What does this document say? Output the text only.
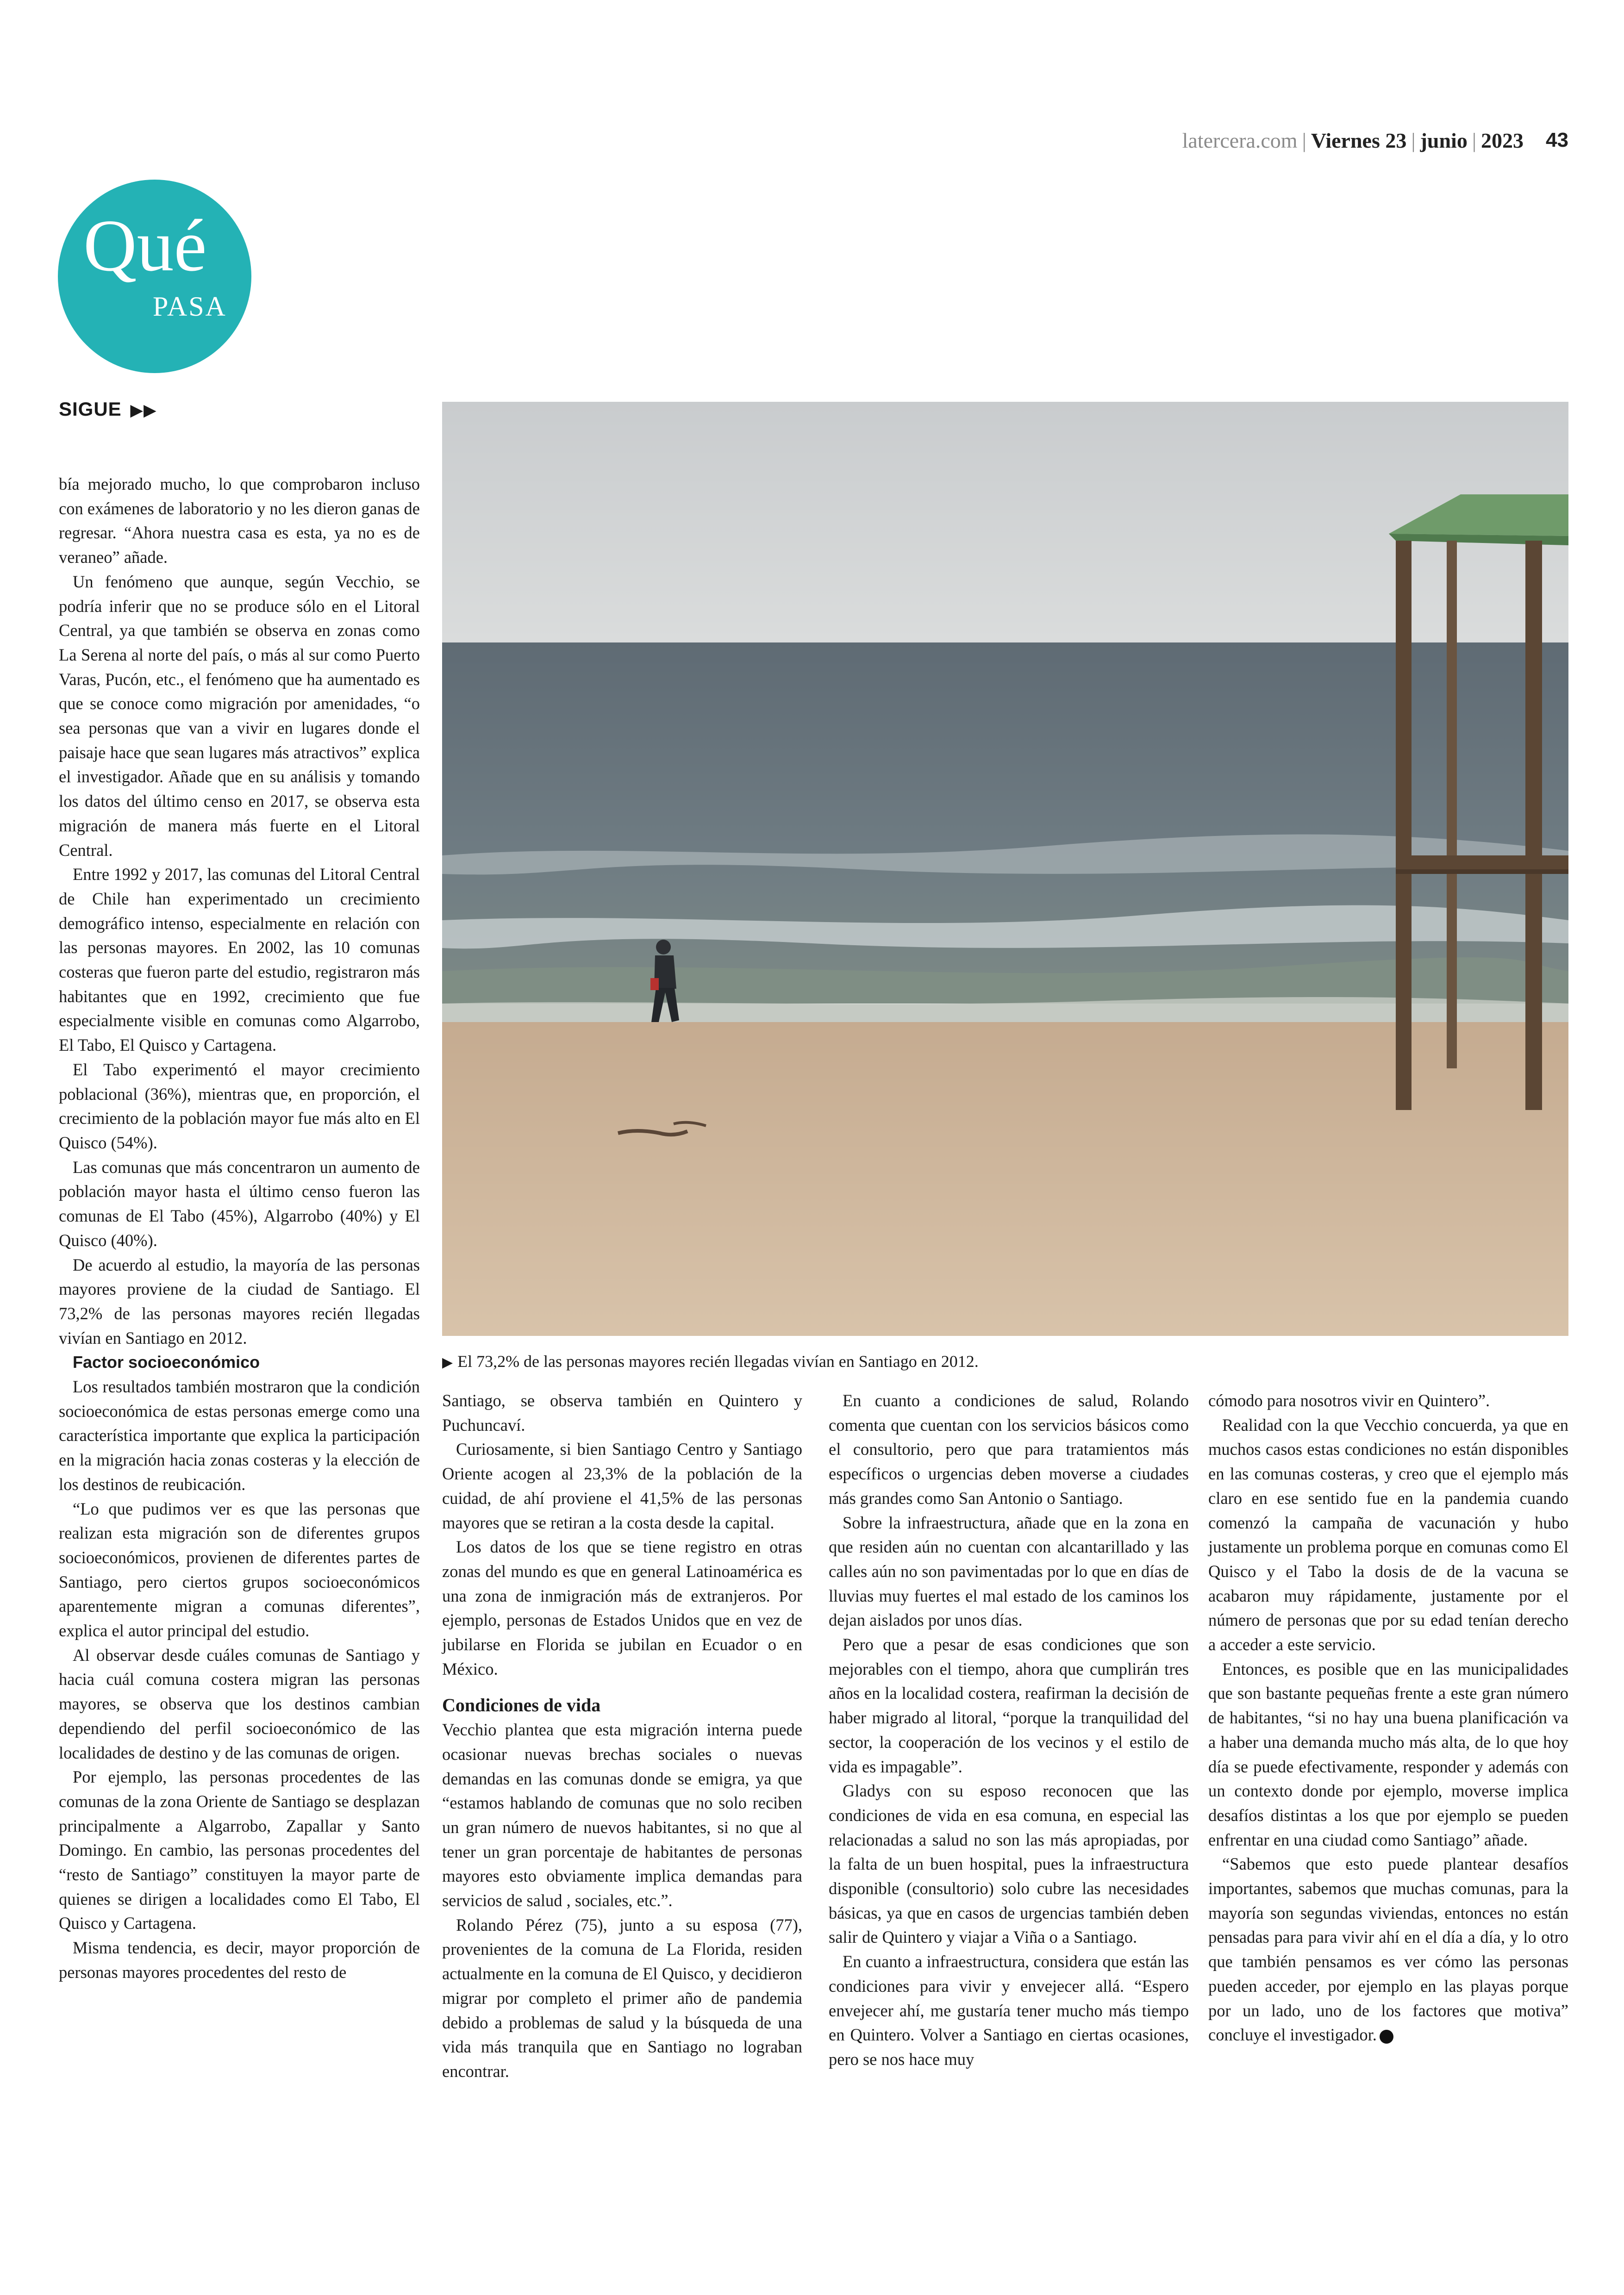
latercera.com | Viernes 23 | junio | 2023 43
Qué
PASA
SIGUE ▶▶
▶ El 73,2% de las personas mayores recién llegadas vivían en Santiago en 2012.

bía mejorado mucho, lo que comprobaron incluso con exámenes de laboratorio y no les dieron ganas de regresar. “Ahora nuestra casa es esta, ya no es de veraneo” añade.

Un fenómeno que aunque, según Vecchio, se podría inferir que no se produce sólo en el Litoral Central, ya que también se observa en zonas como La Serena al norte del país, o más al sur como Puerto Varas, Pucón, etc., el fenómeno que ha aumentado es que se conoce como migración por amenidades, “o sea personas que van a vivir en lugares donde el paisaje hace que sean lugares más atractivos” explica el investigador. Añade que en su análisis y tomando los datos del último censo en 2017, se observa esta migración de manera más fuerte en el Litoral Central.

Entre 1992 y 2017, las comunas del Litoral Central de Chile han experimentado un crecimiento demográfico intenso, especialmente en relación con las personas mayores. En 2002, las 10 comunas costeras que fueron parte del estudio, registraron más habitantes que en 1992, crecimiento que fue especialmente visible en comunas como Algarrobo, El Tabo, El Quisco y Cartagena.

El Tabo experimentó el mayor crecimiento poblacional (36%), mientras que, en proporción, el crecimiento de la población mayor fue más alto en El Quisco (54%).

Las comunas que más concentraron un aumento de población mayor hasta el último censo fueron las comunas de El Tabo (45%), Algarrobo (40%) y El Quisco (40%).

De acuerdo al estudio, la mayoría de las personas mayores proviene de la ciudad de Santiago. El 73,2% de las personas mayores recién llegadas vivían en Santiago en 2012.

Factor socioeconómico

Los resultados también mostraron que la condición socioeconómica de estas personas emerge como una característica importante que explica la participación en la migración hacia zonas costeras y la elección de los destinos de reubicación.

“Lo que pudimos ver es que las personas que realizan esta migración son de diferentes grupos socioeconómicos, provienen de diferentes partes de Santiago, pero ciertos grupos socioeconómicos aparentemente migran a comunas diferentes”, explica el autor principal del estudio.

Al observar desde cuáles comunas de Santiago y hacia cuál comuna costera migran las personas mayores, se observa que los destinos cambian dependiendo del perfil socioeconómico de las localidades de destino y de las comunas de origen.

Por ejemplo, las personas procedentes de las comunas de la zona Oriente de Santiago se desplazan principalmente a Algarrobo, Zapallar y Santo Domingo. En cambio, las personas procedentes del “resto de Santiago” constituyen la mayor parte de quienes se dirigen a localidades como El Tabo, El Quisco y Cartagena.

Misma tendencia, es decir, mayor proporción de personas mayores procedentes del resto de

Santiago, se observa también en Quintero y Puchuncaví.

Curiosamente, si bien Santiago Centro y Santiago Oriente acogen al 23,3% de la población de la cuidad, de ahí proviene el 41,5% de las personas mayores que se retiran a la costa desde la capital.

Los datos de los que se tiene registro en otras zonas del mundo es que en general Latinoamérica es una zona de inmigración más de extranjeros. Por ejemplo, personas de Estados Unidos que en vez de jubilarse en Florida se jubilan en Ecuador o en México.

Condiciones de vida

Vecchio plantea que esta migración interna puede ocasionar nuevas brechas sociales o nuevas demandas en las comunas donde se emigra, ya que “estamos hablando de comunas que no solo reciben un gran número de nuevos habitantes, si no que al tener un gran porcentaje de habitantes de personas mayores esto obviamente implica demandas para servicios de salud , sociales, etc.”.

Rolando Pérez (75), junto a su esposa (77), provenientes de la comuna de La Florida, residen actualmente en la comuna de El Quisco, y decidieron migrar por completo el primer año de pandemia debido a problemas de salud y la búsqueda de una vida más tranquila que en Santiago no lograban encontrar.

En cuanto a condiciones de salud, Rolando comenta que cuentan con los servicios básicos como el consultorio, pero que para tratamientos más específicos o urgencias deben moverse a ciudades más grandes como San Antonio o Santiago.

Sobre la infraestructura, añade que en la zona en que residen aún no cuentan con alcantarillado y las calles aún no son pavimentadas por lo que en días de lluvias muy fuertes el mal estado de los caminos los dejan aislados por unos días.

Pero que a pesar de esas condiciones que son mejorables con el tiempo, ahora que cumplirán tres años en la localidad costera, reafirman la decisión de haber migrado al litoral, “porque la tranquilidad del sector, la cooperación de los vecinos y el estilo de vida es impagable”.

Gladys con su esposo reconocen que las condiciones de vida en esa comuna, en especial las relacionadas a salud no son las más apropiadas, por la falta de un buen hospital, pues la infraestructura disponible (consultorio) solo cubre las necesidades básicas, ya que en casos de urgencias también deben salir de Quintero y viajar a Viña o a Santiago.

En cuanto a infraestructura, considera que están las condiciones para vivir y envejecer allá. “Espero envejecer ahí, me gustaría tener mucho más tiempo en Quintero. Volver a Santiago en ciertas ocasiones, pero se nos hace muy

cómodo para nosotros vivir en Quintero”.

Realidad con la que Vecchio concuerda, ya que en muchos casos estas condiciones no están disponibles en las comunas costeras, y creo que el ejemplo más claro en ese sentido fue en la pandemia cuando comenzó la campaña de vacunación y hubo justamente un problema porque en comunas como El Quisco y el Tabo la dosis de de la vacuna se acabaron muy rápidamente, justamente por el número de personas que por su edad tenían derecho a acceder a este servicio.

Entonces, es posible que en las municipalidades que son bastante pequeñas frente a este gran número de habitantes, “si no hay una buena planificación va a haber una demanda mucho más alta, de lo que hoy día se puede efectivamente, responder y además con un contexto donde por ejemplo, moverse implica desafíos distintas a los que por ejemplo se pueden enfrentar en una ciudad como Santiago” añade.

“Sabemos que esto puede plantear desafíos importantes, sabemos que muchas comunas, para la mayoría son segundas viviendas, entonces no están pensadas para para vivir ahí en el día a día, y lo otro que también pensamos es ver cómo las personas pueden acceder, por ejemplo en las playas porque por un lado, uno de los factores que motiva” concluye el investigador.
